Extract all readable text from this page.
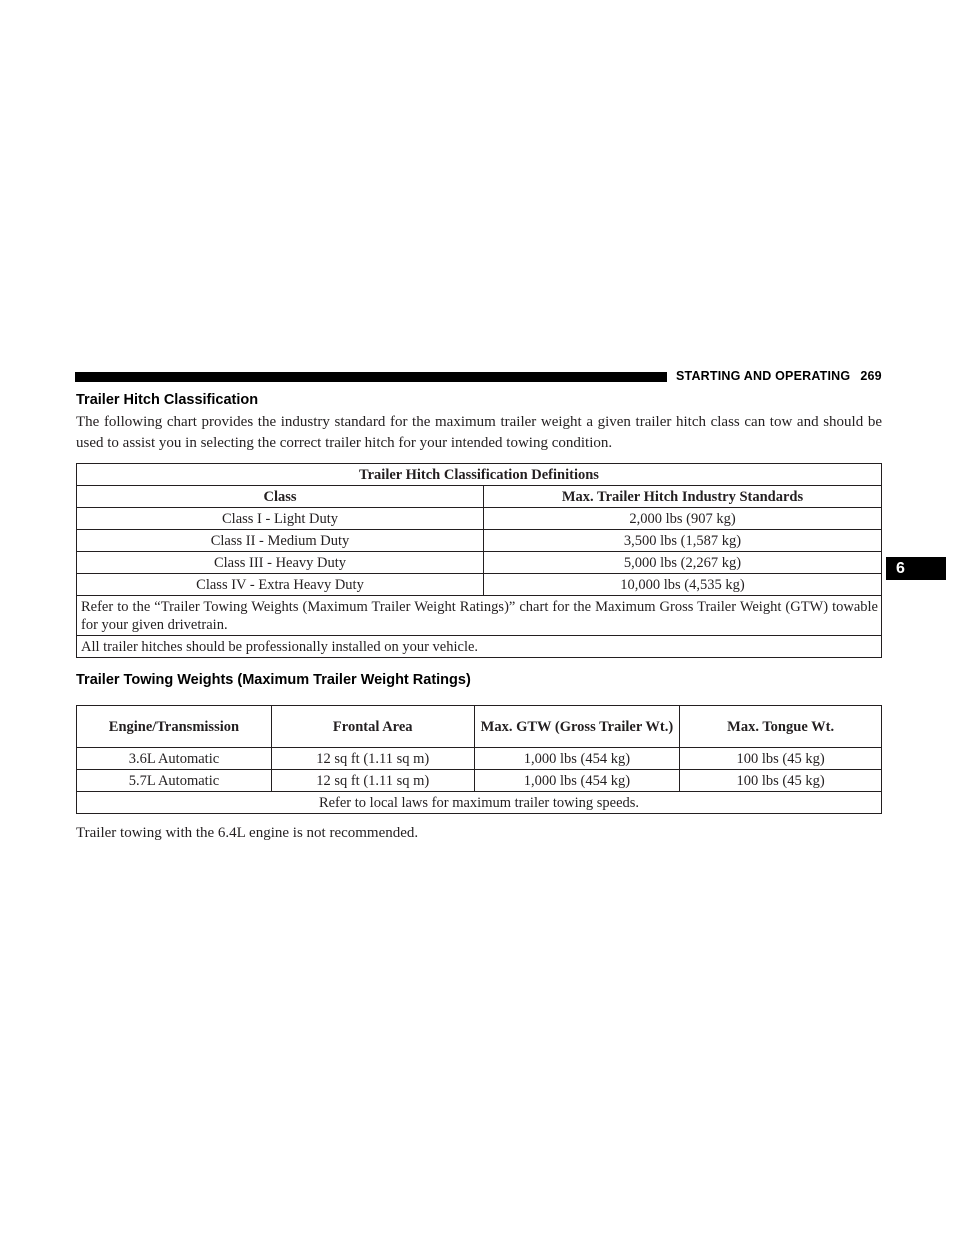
STARTING AND OPERATING 269
6
Trailer Hitch Classification

The following chart provides the industry standard for the maximum trailer weight a given trailer hitch class can tow and should be used to assist you in selecting the correct trailer hitch for your intended towing condition.

Trailer Hitch Classification Definitions	
Class	Max. Trailer Hitch Industry Standards
Class I - Light Duty	2,000 lbs (907 kg)
Class II - Medium Duty	3,500 lbs (1,587 kg)
Class III - Heavy Duty	5,000 lbs (2,267 kg)
Class IV - Extra Heavy Duty	10,000 lbs (4,535 kg)
Refer to the “Trailer Towing Weights (Maximum Trailer Weight Ratings)” chart for the Maximum Gross Trailer Weight (GTW) towable for your given drivetrain.	
All trailer hitches should be professionally installed on your vehicle.	
Trailer Towing Weights (Maximum Trailer Weight Ratings)
Engine/Transmission	Frontal Area	Max. GTW (Gross Trailer Wt.)	Max. Tongue Wt.
3.6L Automatic	12 sq ft (1.11 sq m)	1,000 lbs (454 kg)	100 lbs (45 kg)
5.7L Automatic	12 sq ft (1.11 sq m)	1,000 lbs (454 kg)	100 lbs (45 kg)
Refer to local laws for maximum trailer towing speeds.			

Trailer towing with the 6.4L engine is not recommended.
